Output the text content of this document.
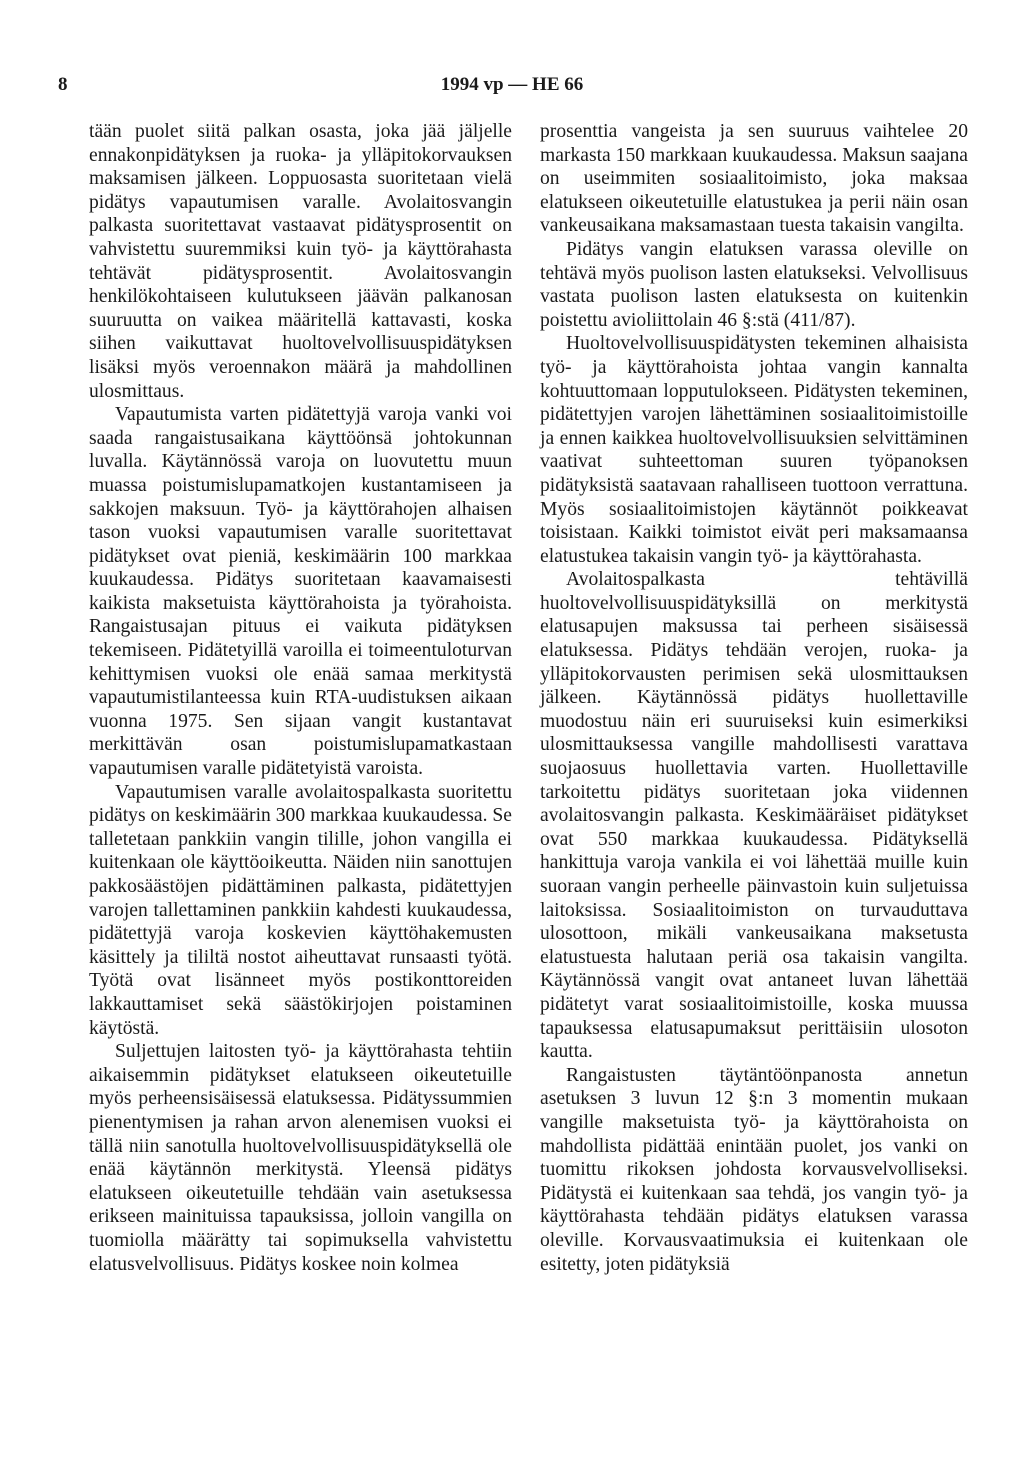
8	1994 vp — HE 66

tään puolet siitä palkan osasta, joka jää jäljelle ennakonpidätyksen ja ruoka- ja ylläpitokorvauksen maksamisen jälkeen. Loppuosasta suoritetaan vielä pidätys vapautumisen varalle. Avolaitosvangin palkasta suoritettavat vastaavat pidätysprosentit on vahvistettu suuremmiksi kuin työ- ja käyttörahasta tehtävät pidätysprosentit. Avolaitosvangin henkilökohtaiseen kulutukseen jäävän palkanosan suuruutta on vaikea määritellä kattavasti, koska siihen vaikuttavat huoltovelvollisuuspidätyksen lisäksi myös veroennakon määrä ja mahdollinen ulosmittaus.

Vapautumista varten pidätettyjä varoja vanki voi saada rangaistusaikana käyttöönsä johtokunnan luvalla. Käytännössä varoja on luovutettu muun muassa poistumislupamatkojen kustantamiseen ja sakkojen maksuun. Työ- ja käyttörahojen alhaisen tason vuoksi vapautumisen varalle suoritettavat pidätykset ovat pieniä, keskimäärin 100 markkaa kuukaudessa. Pidätys suoritetaan kaavamaisesti kaikista maksetuista käyttörahoista ja työrahoista. Rangaistusajan pituus ei vaikuta pidätyksen tekemiseen. Pidätetyillä varoilla ei toimeentuloturvan kehittymisen vuoksi ole enää samaa merkitystä vapautumistilanteessa kuin RTA-uudistuksen aikaan vuonna 1975. Sen sijaan vangit kustantavat merkittävän osan poistumislupamatkastaan vapautumisen varalle pidätetyistä varoista.

Vapautumisen varalle avolaitospalkasta suoritettu pidätys on keskimäärin 300 markkaa kuukaudessa. Se talletetaan pankkiin vangin tilille, johon vangilla ei kuitenkaan ole käyttöoikeutta. Näiden niin sanottujen pakkosäästöjen pidättäminen palkasta, pidätettyjen varojen tallettaminen pankkiin kahdesti kuukaudessa, pidätettyjä varoja koskevien käyttöhakemusten käsittely ja tililtä nostot aiheuttavat runsaasti työtä. Työtä ovat lisänneet myös postikonttoreiden lakkauttamiset sekä säästökirjojen poistaminen käytöstä.

Suljettujen laitosten työ- ja käyttörahasta tehtiin aikaisemmin pidätykset elatukseen oikeutetuille myös perheensisäisessä elatuksessa. Pidätyssummien pienentymisen ja rahan arvon alenemisen vuoksi ei tällä niin sanotulla huoltovelvollisuuspidätyksellä ole enää käytännön merkitystä. Yleensä pidätys elatukseen oikeutetuille tehdään vain asetuksessa erikseen mainituissa tapauksissa, jolloin vangilla on tuomiolla määrätty tai sopimuksella vahvistettu elatusvelvollisuus. Pidätys koskee noin kolmea

prosenttia vangeista ja sen suuruus vaihtelee 20 markasta 150 markkaan kuukaudessa. Maksun saajana on useimmiten sosiaalitoimisto, joka maksaa elatukseen oikeutetuille elatustukea ja perii näin osan vankeusaikana maksamastaan tuesta takaisin vangilta.

Pidätys vangin elatuksen varassa oleville on tehtävä myös puolison lasten elatukseksi. Velvollisuus vastata puolison lasten elatuksesta on kuitenkin poistettu avioliittolain 46 §:stä (411/87).

Huoltovelvollisuuspidätysten tekeminen alhaisista työ- ja käyttörahoista johtaa vangin kannalta kohtuuttomaan lopputulokseen. Pidätysten tekeminen, pidätettyjen varojen lähettäminen sosiaalitoimistoille ja ennen kaikkea huoltovelvollisuuksien selvittäminen vaativat suhteettoman suuren työpanoksen pidätyksistä saatavaan rahalliseen tuottoon verrattuna. Myös sosiaalitoimistojen käytännöt poikkeavat toisistaan. Kaikki toimistot eivät peri maksamaansa elatustukea takaisin vangin työ- ja käyttörahasta.

Avolaitospalkasta tehtävillä huoltovelvollisuuspidätyksillä on merkitystä elatusapujen maksussa tai perheen sisäisessä elatuksessa. Pidätys tehdään verojen, ruoka- ja ylläpitokorvausten perimisen sekä ulosmittauksen jälkeen. Käytännössä pidätys huollettaville muodostuu näin eri suuruiseksi kuin esimerkiksi ulosmittauksessa vangille mahdollisesti varattava suojaosuus huollettavia varten. Huollettaville tarkoitettu pidätys suoritetaan joka viidennen avolaitosvangin palkasta. Keskimääräiset pidätykset ovat 550 markkaa kuukaudessa. Pidätyksellä hankittuja varoja vankila ei voi lähettää muille kuin suoraan vangin perheelle päinvastoin kuin suljetuissa laitoksissa. Sosiaalitoimiston on turvauduttava ulosottoon, mikäli vankeusaikana maksetusta elatustuesta halutaan periä osa takaisin vangilta. Käytännössä vangit ovat antaneet luvan lähettää pidätetyt varat sosiaalitoimistoille, koska muussa tapauksessa elatusapumaksut perittäisiin ulosoton kautta.

Rangaistusten täytäntöönpanosta annetun asetuksen 3 luvun 12 §:n 3 momentin mukaan vangille maksetuista työ- ja käyttörahoista on mahdollista pidättää enintään puolet, jos vanki on tuomittu rikoksen johdosta korvausvelvolliseksi. Pidätystä ei kuitenkaan saa tehdä, jos vangin työ- ja käyttörahasta tehdään pidätys elatuksen varassa oleville. Korvausvaatimuksia ei kuitenkaan ole esitetty, joten pidätyksiä
